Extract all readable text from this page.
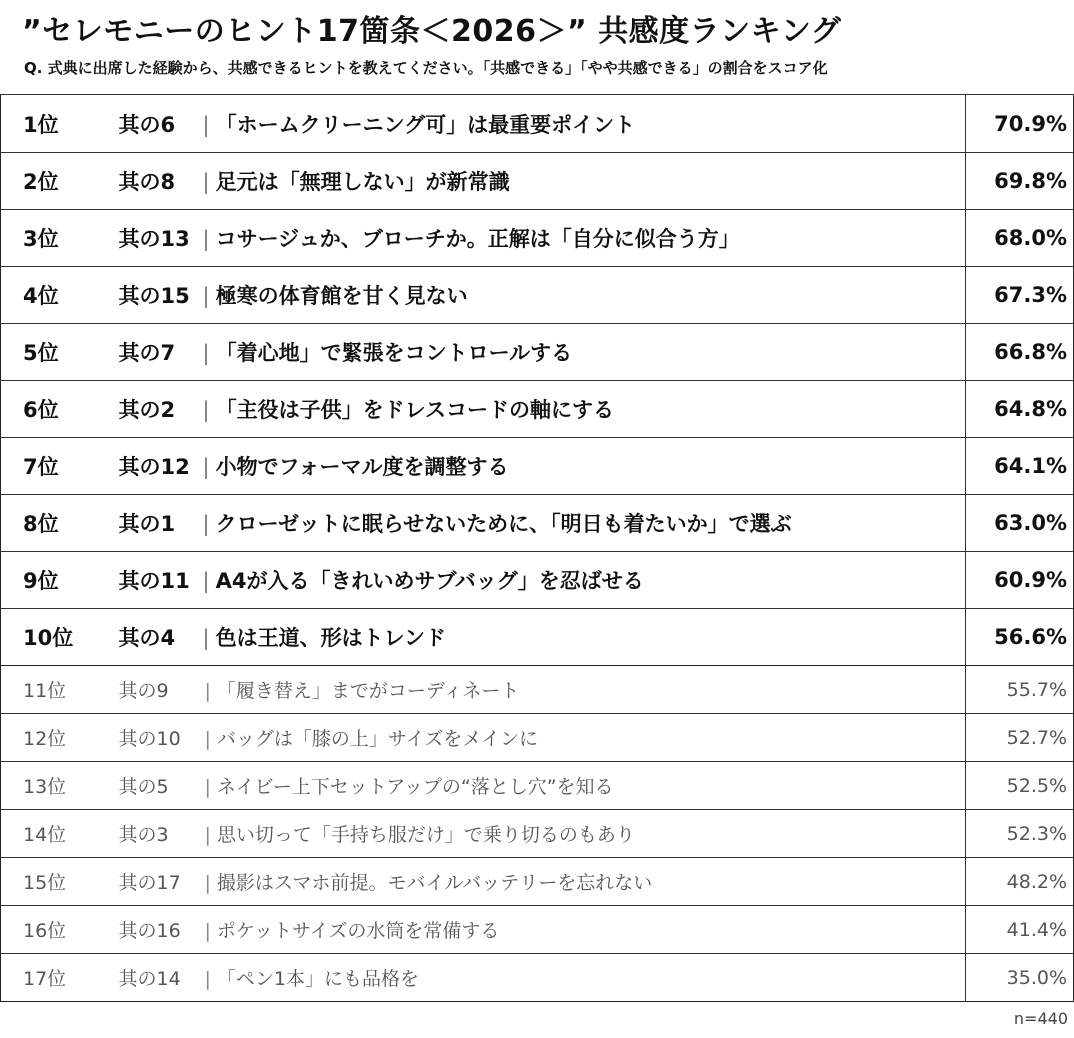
”セレモニーのヒント17箇条＜2026＞” 共感度ランキング

Q. 式典に出席した経験から、共感できるヒントを教えてください。「共感できる」「やや共感できる」の割合をスコア化

1位	其の6 | 「ホームクリーニング可」は最重要ポイント	70.9%
2位	其の8 | 足元は「無理しない」が新常識	69.8%
3位	其の13 | コサージュか、ブローチか。正解は「自分に似合う方」	68.0%
4位	其の15 | 極寒の体育館を甘く見ない	67.3%
5位	其の7 | 「着心地」で緊張をコントロールする	66.8%
6位	其の2 | 「主役は子供」をドレスコードの軸にする	64.8%
7位	其の12 | 小物でフォーマル度を調整する	64.1%
8位	其の1 | クローゼットに眠らせないために、「明日も着たいか」で選ぶ	63.0%
9位	其の11 | A4が入る「きれいめサブバッグ」を忍ばせる	60.9%
10位	其の4 | 色は王道、形はトレンド	56.6%
11位	其の9 | 「履き替え」までがコーディネート	55.7%
12位	其の10 | バッグは「膝の上」サイズをメインに	52.7%
13位	其の5 | ネイビー上下セットアップの“落とし穴”を知る	52.5%
14位	其の3 | 思い切って「手持ち服だけ」で乗り切るのもあり	52.3%
15位	其の17 | 撮影はスマホ前提。モバイルバッテリーを忘れない	48.2%
16位	其の16 | ポケットサイズの水筒を常備する	41.4%
17位	其の14 | 「ペン1本」にも品格を	35.0%

n=440
